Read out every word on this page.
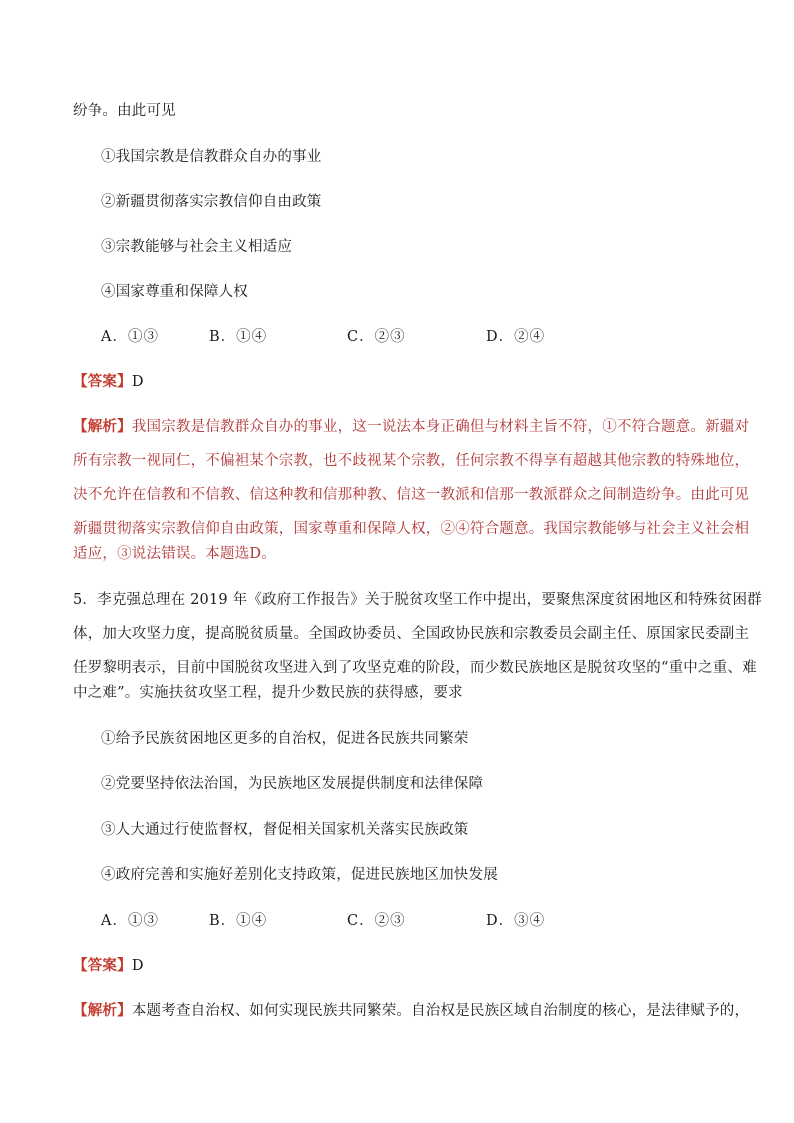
纷争。由此可见
①我国宗教是信教群众自办的事业
②新疆贯彻落实宗教信仰自由政策
③宗教能够与社会主义相适应
④国家尊重和保障人权
A．①③	B．①④	C．②③	D．②④
【答案】D
【解析】我国宗教是信教群众自办的事业，这一说法本身正确但与材料主旨不符，①不符合题意。新疆对
所有宗教一视同仁，不偏袒某个宗教，也不歧视某个宗教，任何宗教不得享有超越其他宗教的特殊地位，
决不允许在信教和不信教、信这种教和信那种教、信这一教派和信那一教派群众之间制造纷争。由此可见
新疆贯彻落实宗教信仰自由政策，国家尊重和保障人权，②④符合题意。我国宗教能够与社会主义社会相
适应，③说法错误。本题选D。
5．李克强总理在 2019 年《政府工作报告》关于脱贫攻坚工作中提出，要聚焦深度贫困地区和特殊贫困群
体，加大攻坚力度，提高脱贫质量。全国政协委员、全国政协民族和宗教委员会副主任、原国家民委副主
任罗黎明表示，目前中国脱贫攻坚进入到了攻坚克难的阶段，而少数民族地区是脱贫攻坚的“重中之重、难
中之难”。实施扶贫攻坚工程，提升少数民族的获得感，要求
①给予民族贫困地区更多的自治权，促进各民族共同繁荣
②党要坚持依法治国，为民族地区发展提供制度和法律保障
③人大通过行使监督权，督促相关国家机关落实民族政策
④政府完善和实施好差别化支持政策，促进民族地区加快发展
A．①③	B．①④	C．②③	D．③④
【答案】D
【解析】本题考查自治权、如何实现民族共同繁荣。自治权是民族区域自治制度的核心，是法律赋予的，
